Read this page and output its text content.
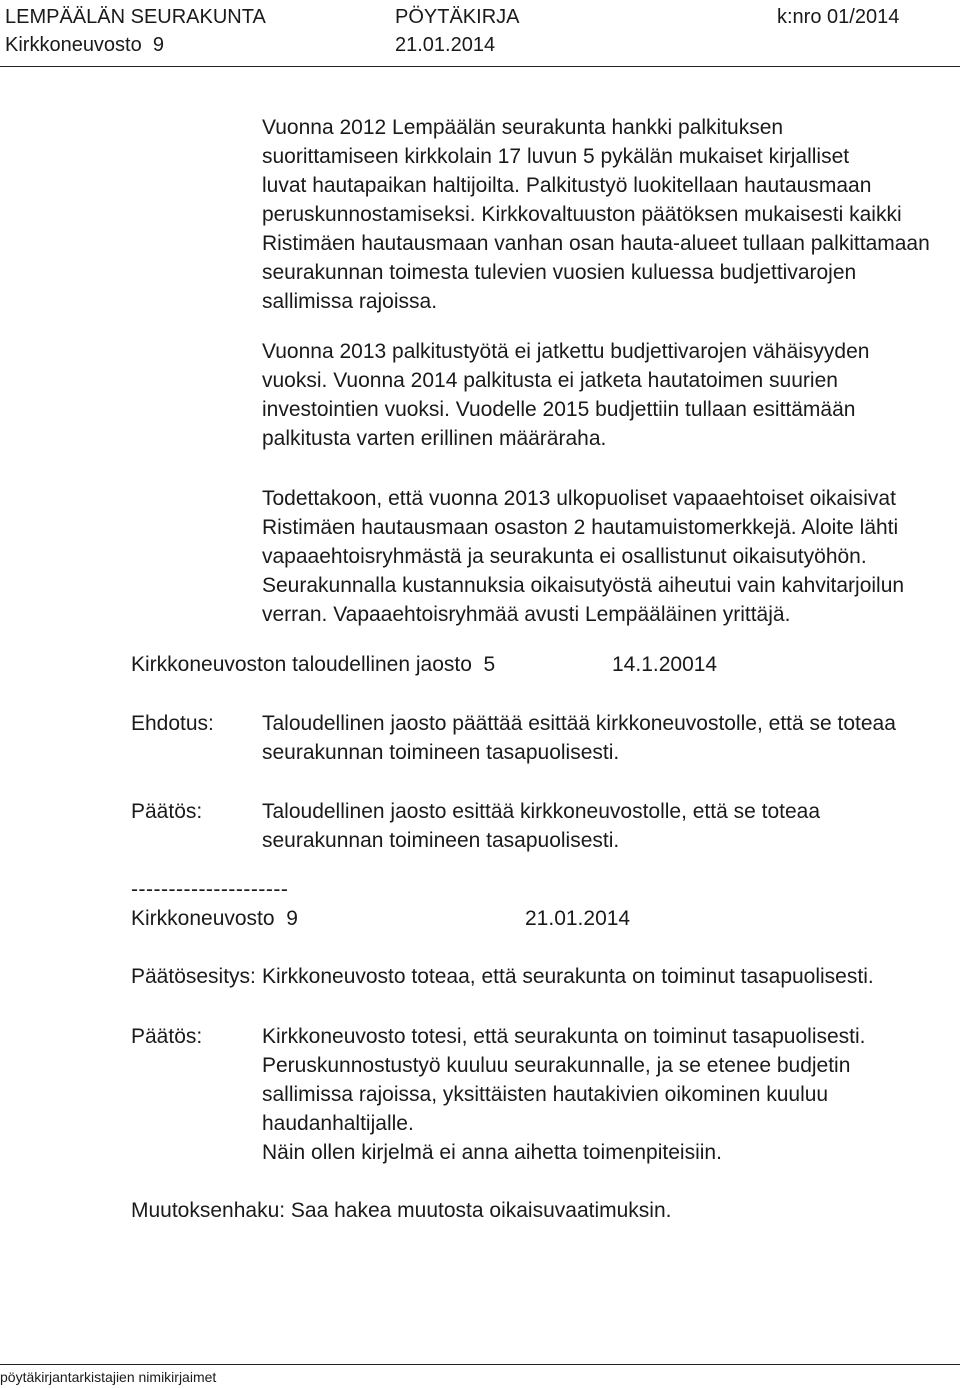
LEMPÄÄLÄN SEURAKUNTA	PÖYTÄKIRJA	k:nro 01/2014
Kirkkoneuvosto  9	21.01.2014
Vuonna 2012 Lempäälän seurakunta hankki palkituksen
suorittamiseen kirkkolain 17 luvun 5 pykälän mukaiset kirjalliset
luvat hautapaikan haltijoilta. Palkitustyö luokitellaan hautausmaan
peruskunnostamiseksi. Kirkkovaltuuston päätöksen mukaisesti kaikki
Ristimäen hautausmaan vanhan osan hauta-alueet tullaan palkittamaan
seurakunnan toimesta tulevien vuosien kuluessa budjettivarojen
sallimissa rajoissa.
Vuonna 2013 palkitustyötä ei jatkettu budjettivarojen vähäisyyden
vuoksi. Vuonna 2014 palkitusta ei jatketa hautatoimen suurien
investointien vuoksi. Vuodelle 2015 budjettiin tullaan esittämään
palkitusta varten erillinen määräraha.
Todettakoon, että vuonna 2013 ulkopuoliset vapaaehtoiset oikaisivat
Ristimäen hautausmaan osaston 2 hautamuistomerkkejä. Aloite lähti
vapaaehtoisryhmästä ja seurakunta ei osallistunut oikaisutyöhön.
Seurakunnalla kustannuksia oikaisutyöstä aiheutui vain kahvitarjoilun
verran. Vapaaehtoisryhmää avusti Lempääläinen yrittäjä.
Kirkkoneuvoston taloudellinen jaosto  5	14.1.20014
Ehdotus: Taloudellinen jaosto päättää esittää kirkkoneuvostolle, että se toteaa
seurakunnan toimineen tasapuolisesti.
Päätös:	Taloudellinen jaosto esittää kirkkoneuvostolle, että se toteaa
seurakunnan toimineen tasapuolisesti.
---------------------
Kirkkoneuvosto  9	21.01.2014
Päätösesitys: Kirkkoneuvosto toteaa, että seurakunta on toiminut tasapuolisesti.
Päätös:	Kirkkoneuvosto totesi, että seurakunta on toiminut tasapuolisesti.
Peruskunnostustyö kuuluu seurakunnalle, ja se etenee budjetin
sallimissa rajoissa, yksittäisten hautakivien oikominen kuuluu
haudanhaltijalle.
Näin ollen kirjelmä ei anna aihetta toimenpiteisiin.
Muutoksenhaku: Saa hakea muutosta oikaisuvaatimuksin.
pöytäkirjantarkistajien nimikirjaimet
